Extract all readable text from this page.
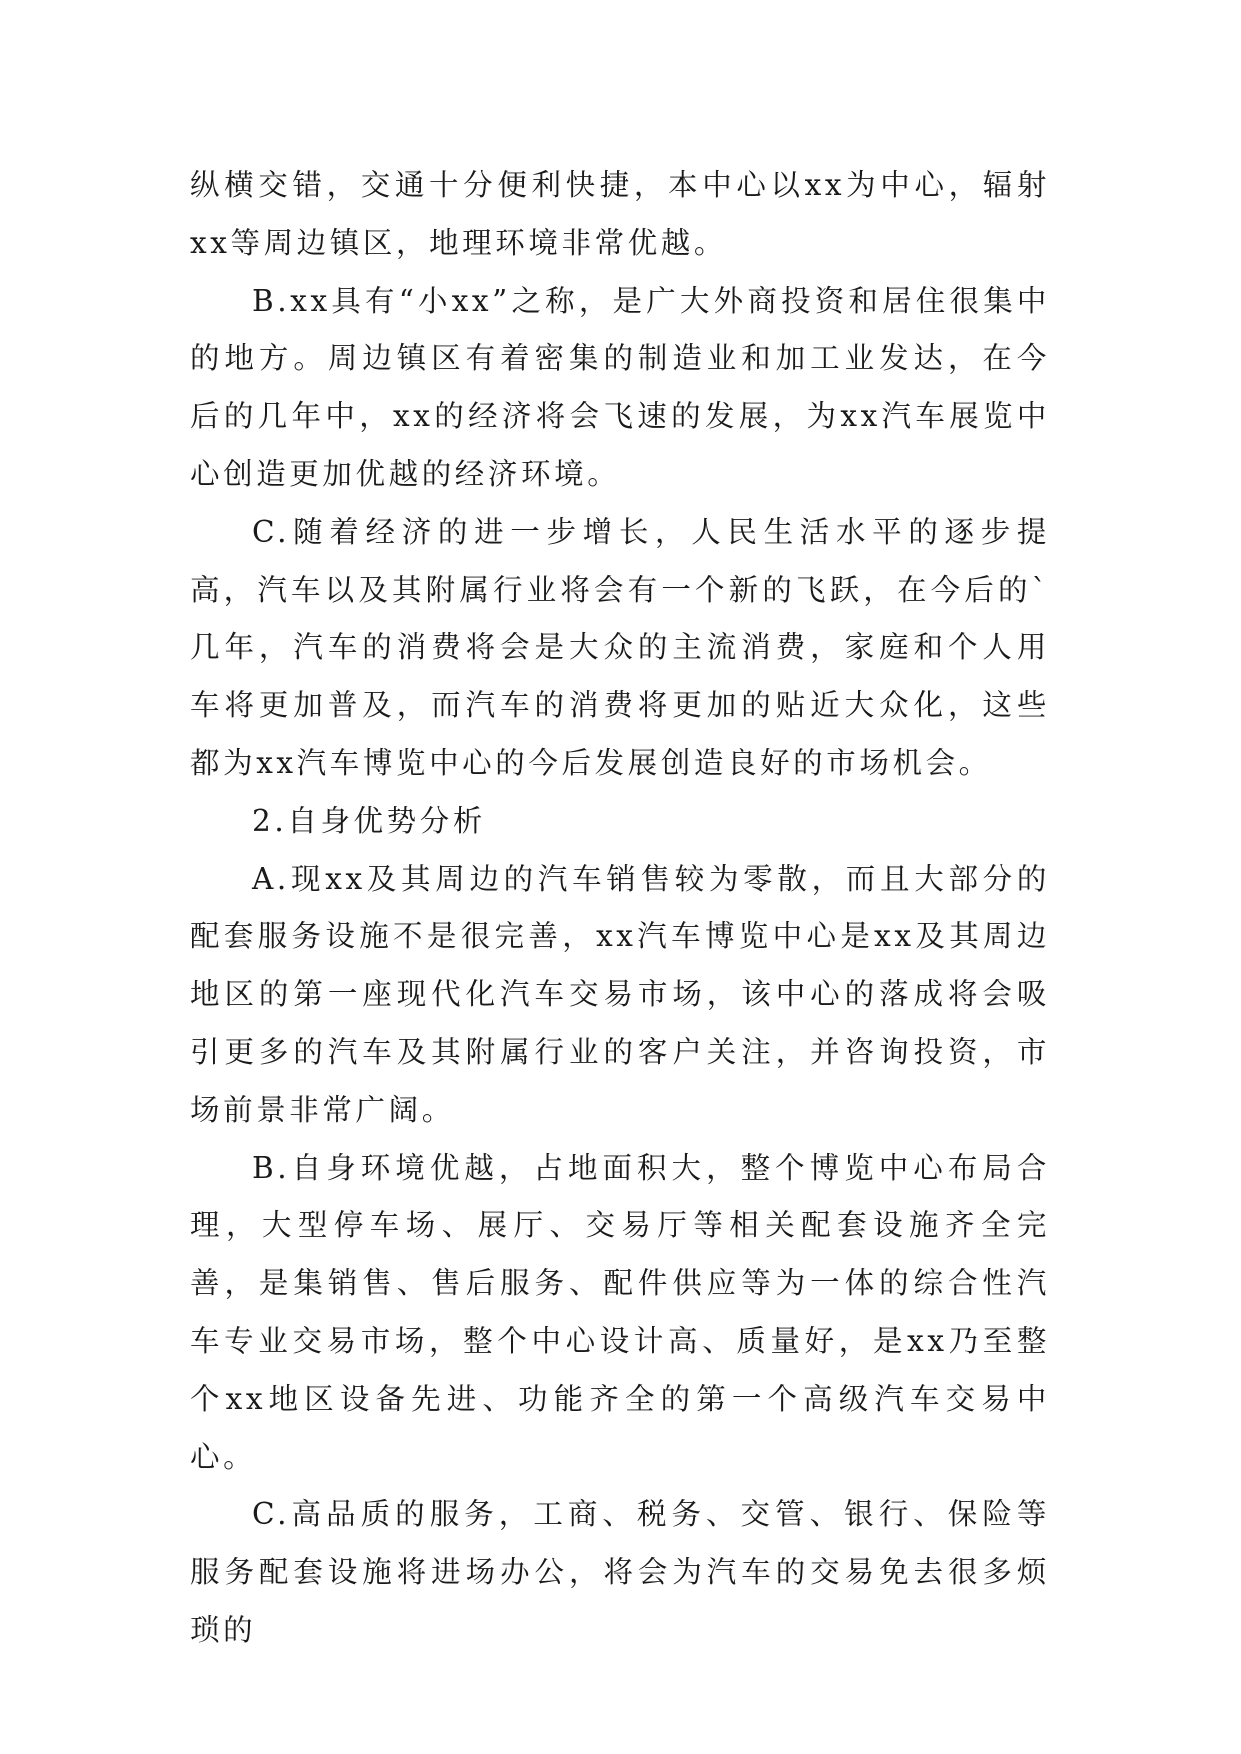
纵横交错，交通十分便利快捷，本中心以xx为中心，辐射xx等周边镇区，地理环境非常优越。

B.xx具有“小xx”之称，是广大外商投资和居住很集中的地方。周边镇区有着密集的制造业和加工业发达，在今后的几年中，xx的经济将会飞速的发展，为xx汽车展览中心创造更加优越的经济环境。

C.随着经济的进一步增长，人民生活水平的逐步提高，汽车以及其附属行业将会有一个新的飞跃，在今后的`几年，汽车的消费将会是大众的主流消费，家庭和个人用车将更加普及，而汽车的消费将更加的贴近大众化，这些都为xx汽车博览中心的今后发展创造良好的市场机会。

2.自身优势分析

A.现xx及其周边的汽车销售较为零散，而且大部分的配套服务设施不是很完善，xx汽车博览中心是xx及其周边地区的第一座现代化汽车交易市场，该中心的落成将会吸引更多的汽车及其附属行业的客户关注，并咨询投资，市场前景非常广阔。

B.自身环境优越，占地面积大，整个博览中心布局合理，大型停车场、展厅、交易厅等相关配套设施齐全完善，是集销售、售后服务、配件供应等为一体的综合性汽车专业交易市场，整个中心设计高、质量好，是xx乃至整个xx地区设备先进、功能齐全的第一个高级汽车交易中心。

C.高品质的服务，工商、税务、交管、银行、保险等服务配套设施将进场办公，将会为汽车的交易免去很多烦琐的
